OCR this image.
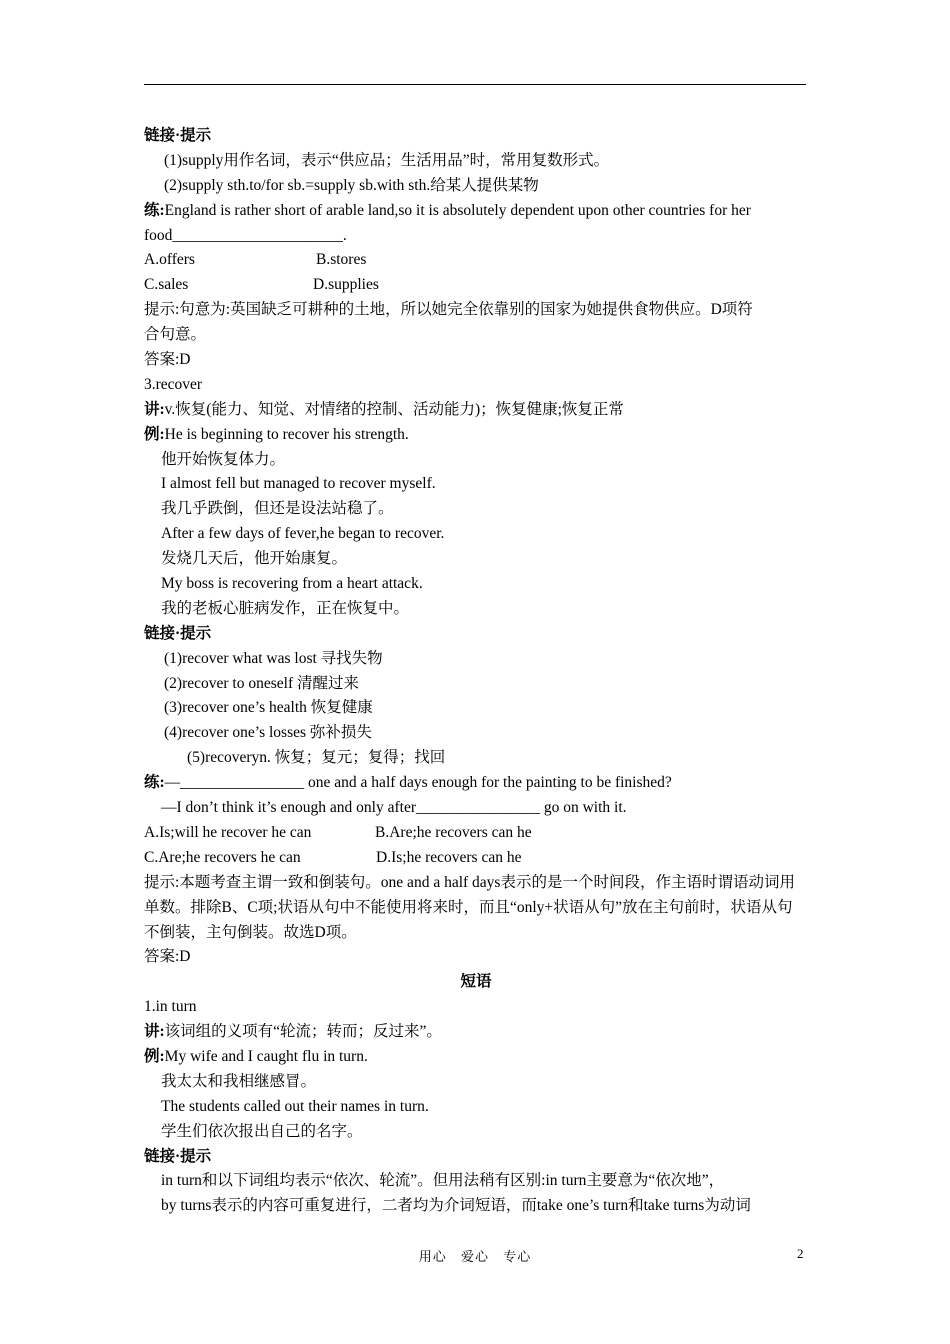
链接·提示
(1)supply用作名词，表示“供应品；生活用品”时，常用复数形式。
(2)supply sth.to/for sb.=supply sb.with sth.给某人提供某物
练:England is rather short of arable land,so it is absolutely dependent upon other countries for her
food______________________.
A.offers	B.stores
C.sales	D.supplies
提示:句意为:英国缺乏可耕种的土地，所以她完全依靠别的国家为她提供食物供应。D项符
合句意。
答案:D
3.recover
讲:v.恢复(能力、知觉、对情绪的控制、活动能力)；恢复健康;恢复正常
例:He is beginning to recover his strength.
他开始恢复体力。
I almost fell but managed to recover myself.
我几乎跌倒，但还是设法站稳了。
After a few days of fever,he began to recover.
发烧几天后，他开始康复。
My boss is recovering from a heart attack.
我的老板心脏病发作，正在恢复中。
链接·提示
(1)recover what was lost 寻找失物
(2)recover to oneself 清醒过来
(3)recover one’s health 恢复健康
(4)recover one’s losses 弥补损失
(5)recoveryn. 恢复；复元；复得；找回
练:—________________ one and a half days enough for the painting to be finished?
—I don’t think it’s enough and only after________________ go on with it.
A.Is;will he recover he can	B.Are;he recovers can he
C.Are;he recovers he can	D.Is;he recovers can he
提示:本题考查主谓一致和倒装句。one and a half days表示的是一个时间段，作主语时谓语动词用单数。排除B、C项;状语从句中不能使用将来时，而且“only+状语从句”放在主句前时，状语从句不倒装，主句倒装。故选D项。
答案:D
短语
1.in turn
讲:该词组的义项有“轮流；转而；反过来”。
例:My wife and I caught flu in turn.
我太太和我相继感冒。
The students called out their names in turn.
学生们依次报出自己的名字。
链接·提示
in turn和以下词组均表示“依次、轮流”。但用法稍有区别:in turn主要意为“依次地”，
by turns表示的内容可重复进行，二者均为介词短语，而take one’s turn和take turns为动词
用心 爱心 专心	2
